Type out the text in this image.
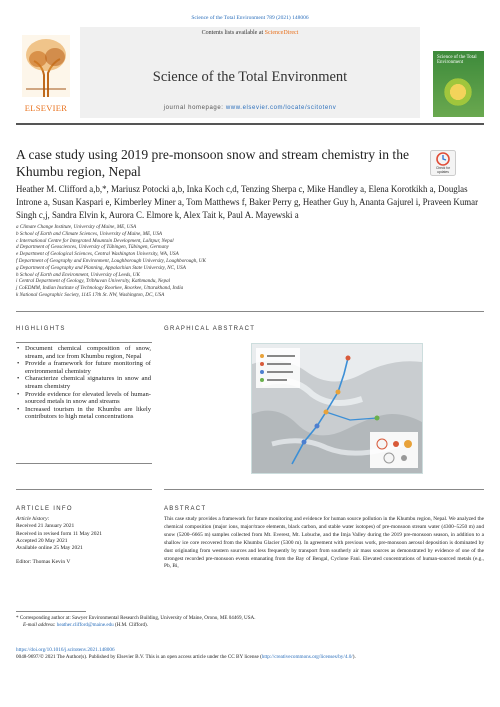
Science of the Total Environment 789 (2021) 148006
ELSEVIER
Contents lists available at ScienceDirect
Science of the Total Environment
journal homepage: www.elsevier.com/locate/scitotenv
Science of the Total Environment
A case study using 2019 pre-monsoon snow and stream chemistry in the Khumbu region, Nepal	Check for
updates
Heather M. Clifford a,b,*, Mariusz Potocki a,b, Inka Koch c,d, Tenzing Sherpa c, Mike Handley a, Elena Korotkikh a, Douglas Introne a, Susan Kaspari e, Kimberley Miner a, Tom Matthews f, Baker Perry g, Heather Guy h, Ananta Gajurel i, Praveen Kumar Singh c,j, Sandra Elvin k, Aurora C. Elmore k, Alex Tait k, Paul A. Mayewski a
a Climate Change Institute, University of Maine, ME, USA
b School of Earth and Climate Sciences, University of Maine, ME, USA
c International Centre for Integrated Mountain Development, Lalitpur, Nepal
d Department of Geosciences, University of Tübingen, Tübingen, Germany
e Department of Geological Sciences, Central Washington University, WA, USA
f Department of Geography and Environment, Loughborough University, Loughborough, UK
g Department of Geography and Planning, Appalachian State University, NC, USA
h School of Earth and Environment, University of Leeds, UK
i Central Department of Geology, Tribhuvan University, Kathmandu, Nepal
j CoEDMM, Indian Institute of Technology Roorkee, Roorkee, Uttarakhand, India
k National Geographic Society, 1145 17th St. NW, Washington, DC, USA
HIGHLIGHTS	GRAPHICAL ABSTRACT
• Document chemical composition of snow, stream, and ice from Khumbu region, Nepal
• Provide a framework for future monitoring of environmental chemistry
• Characterize chemical signatures in snow and stream chemistry
• Provide evidence for elevated levels of human-sourced metals in snow and streams
• Increased tourism in the Khumbu are likely contributors to high metal concentrations
ARTICLE INFO	ABSTRACT
Article history:
Received 21 January 2021
Received in revised form 11 May 2021
Accepted 20 May 2021
Available online 25 May 2021
Editor: Thomas Kevin V
This case study provides a framework for future monitoring and evidence for human source pollution in the Khumbu region, Nepal. We analyzed the chemical composition (major ions, major/trace elements, black carbon, and stable water isotopes) of pre-monsoon stream water (4300–5250 m) and snow (5200–6665 m) samples collected from Mt. Everest, Mt. Lobuche, and the Imja Valley during the 2019 pre-monsoon season, in addition to a shallow ice core recovered from the Khumbu Glacier (5300 m). In agreement with previous work, pre-monsoon aerosol deposition is dominated by dust originating from western sources and less frequently by transport from southerly air mass sources as demonstrated by evidence of one of the strongest recorded pre-monsoon events emanating from the Bay of Bengal, Cyclone Fani. Elevated concentrations of human-sourced metals (e.g., Pb, Bi,
* Corresponding author at: Sawyer Environmental Research Building, University of Maine, Orono, ME 04469, USA.
E-mail address: heather.clifford@maine.edu (H.M. Clifford).
https://doi.org/10.1016/j.scitotenv.2021.148006
0048-9697/© 2021 The Author(s). Published by Elsevier B.V. This is an open access article under the CC BY license (http://creativecommons.org/licenses/by/4.0/).
